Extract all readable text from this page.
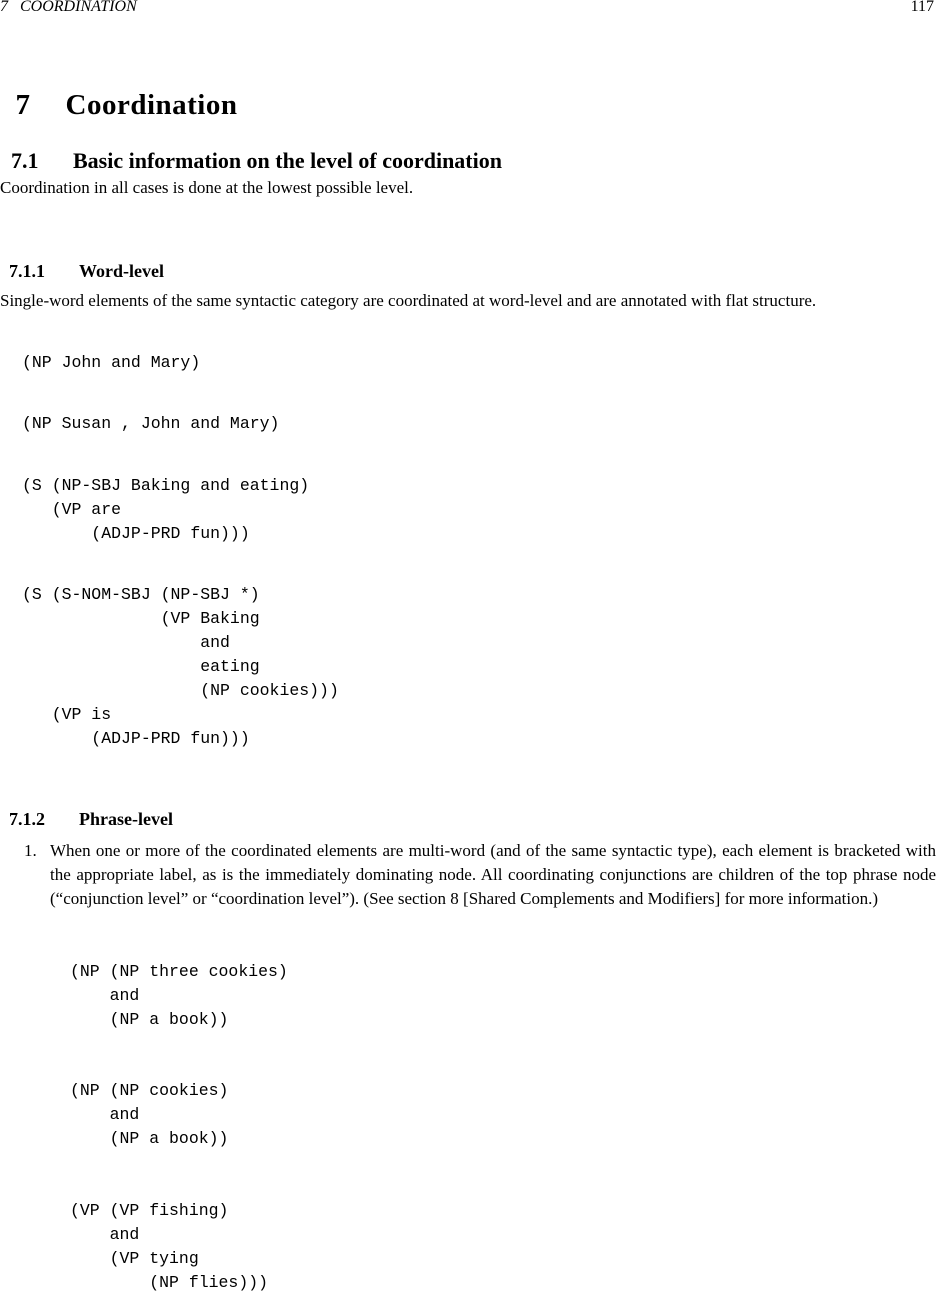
7   COORDINATION	117

7 Coordination

7.1 Basic information on the level of coordination

Coordination in all cases is done at the lowest possible level.

7.1.1 Word-level

Single-word elements of the same syntactic category are coordinated at word-level and are annotated with flat structure.
(NP John and Mary)
(NP Susan , John and Mary)
(S (NP-SBJ Baking and eating)
(VP are
(ADJP-PRD fun)))
(S (S-NOM-SBJ (NP-SBJ *)
(VP Baking
and
eating
(NP cookies)))
(VP is
(ADJP-PRD fun)))

7.1.2 Phrase-level

1. When one or more of the coordinated elements are multi-word (and of the same syntactic type), each element is bracketed with the appropriate label, as is the immediately dominating node. All coordinating conjunctions are children of the top phrase node (“conjunction level” or “coordination level”). (See section 8 [Shared Complements and Modifiers] for more information.)
(NP (NP three cookies)
and
(NP a book))
(NP (NP cookies)
and
(NP a book))
(VP (VP fishing)
and
(VP tying
(NP flies)))
